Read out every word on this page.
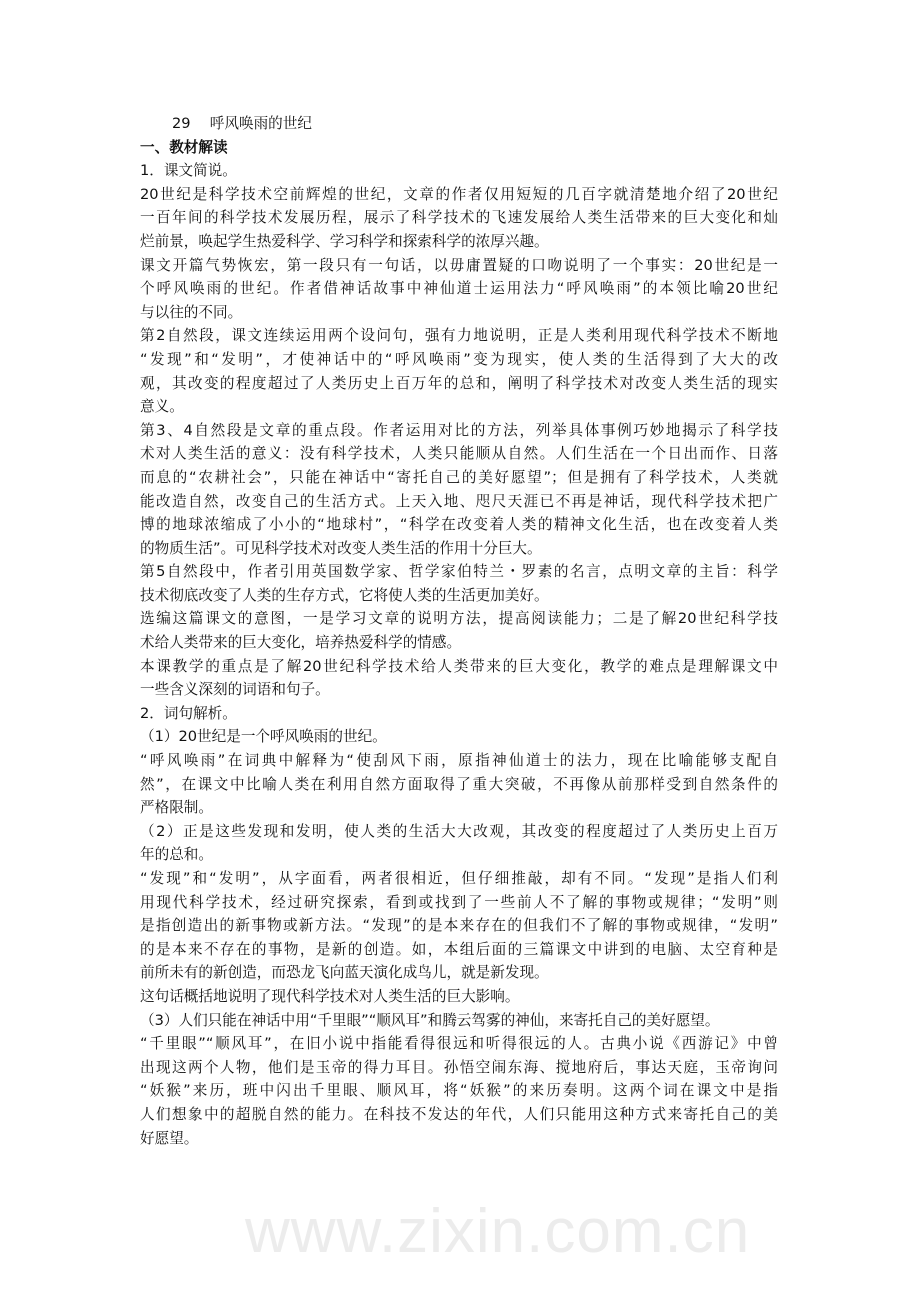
www.zixin.com.cn
29　 呼风唤雨的世纪
一、教材解读
1．课文简说。
20世纪是科学技术空前辉煌的世纪，文章的作者仅用短短的几百字就清楚地介绍了20世纪
一百年间的科学技术发展历程，展示了科学技术的飞速发展给人类生活带来的巨大变化和灿
烂前景，唤起学生热爱科学、学习科学和探索科学的浓厚兴趣。
课文开篇气势恢宏，第一段只有一句话，以毋庸置疑的口吻说明了一个事实：20世纪是一
个呼风唤雨的世纪。作者借神话故事中神仙道士运用法力“呼风唤雨”的本领比喻20世纪
与以往的不同。
第2自然段，课文连续运用两个设问句，强有力地说明，正是人类利用现代科学技术不断地
“发现”和“发明”，才使神话中的“呼风唤雨”变为现实，使人类的生活得到了大大的改
观，其改变的程度超过了人类历史上百万年的总和，阐明了科学技术对改变人类生活的现实
意义。
第3、4自然段是文章的重点段。作者运用对比的方法，列举具体事例巧妙地揭示了科学技
术对人类生活的意义：没有科学技术，人类只能顺从自然。人们生活在一个日出而作、日落
而息的“农耕社会”，只能在神话中“寄托自己的美好愿望”；但是拥有了科学技术，人类就
能改造自然，改变自己的生活方式。上天入地、咫尺天涯已不再是神话，现代科学技术把广
博的地球浓缩成了小小的“地球村”，“科学在改变着人类的精神文化生活，也在改变着人类
的物质生活”。可见科学技术对改变人类生活的作用十分巨大。
第5自然段中，作者引用英国数学家、哲学家伯特兰・罗素的名言，点明文章的主旨：科学
技术彻底改变了人类的生存方式，它将使人类的生活更加美好。
选编这篇课文的意图，一是学习文章的说明方法，提高阅读能力；二是了解20世纪科学技
术给人类带来的巨大变化，培养热爱科学的情感。
本课教学的重点是了解20世纪科学技术给人类带来的巨大变化，教学的难点是理解课文中
一些含义深刻的词语和句子。
2．词句解析。
（1）20世纪是一个呼风唤雨的世纪。
“呼风唤雨”在词典中解释为“使刮风下雨，原指神仙道士的法力，现在比喻能够支配自
然”，在课文中比喻人类在利用自然方面取得了重大突破，不再像从前那样受到自然条件的
严格限制。
（2）正是这些发现和发明，使人类的生活大大改观，其改变的程度超过了人类历史上百万
年的总和。
“发现”和“发明”，从字面看，两者很相近，但仔细推敲，却有不同。“发现”是指人们利
用现代科学技术，经过研究探索，看到或找到了一些前人不了解的事物或规律；“发明”则
是指创造出的新事物或新方法。“发现”的是本来存在的但我们不了解的事物或规律，“发明”
的是本来不存在的事物，是新的创造。如，本组后面的三篇课文中讲到的电脑、太空育种是
前所未有的新创造，而恐龙飞向蓝天演化成鸟儿，就是新发现。
这句话概括地说明了现代科学技术对人类生活的巨大影响。
（3）人们只能在神话中用“千里眼”“顺风耳”和腾云驾雾的神仙，来寄托自己的美好愿望。
“千里眼”“顺风耳”，在旧小说中指能看得很远和听得很远的人。古典小说《西游记》中曾
出现这两个人物，他们是玉帝的得力耳目。孙悟空闹东海、搅地府后，事达天庭，玉帝询问
“妖猴”来历，班中闪出千里眼、顺风耳，将“妖猴”的来历奏明。这两个词在课文中是指
人们想象中的超脱自然的能力。在科技不发达的年代，人们只能用这种方式来寄托自己的美
好愿望。
